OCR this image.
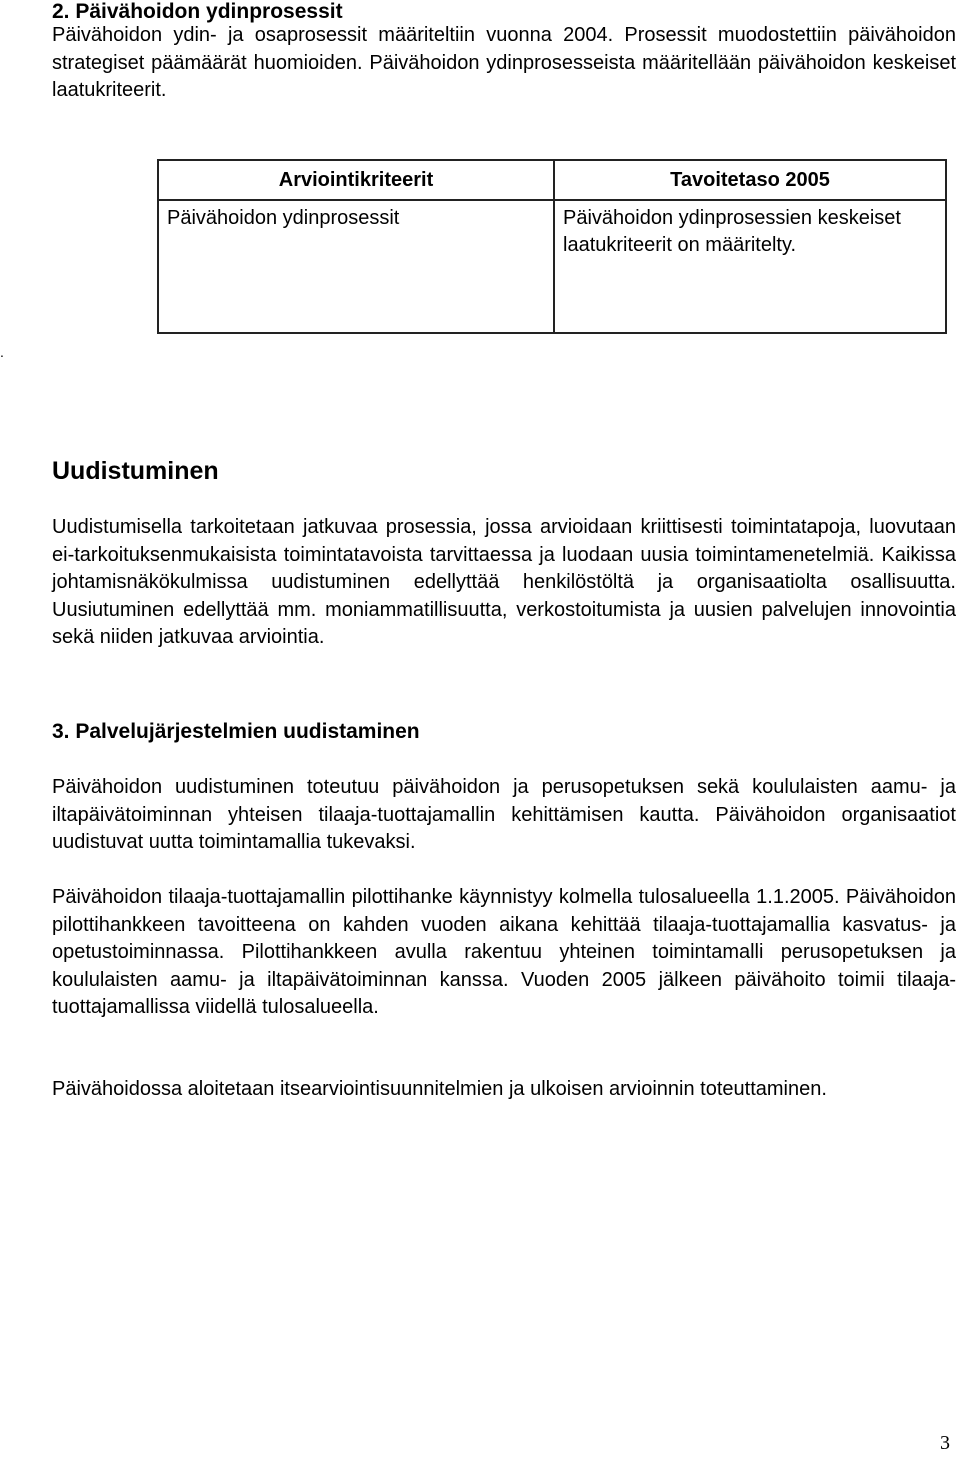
2. Päivähoidon ydinprosessit

Päivähoidon ydin- ja osaprosessit määriteltiin vuonna 2004. Prosessit muodostettiin päivähoidon strategiset päämäärät huomioiden. Päivähoidon ydinprosesseista määritellään päivähoidon keskeiset laatukriteerit.

Arviointikriteerit	Tavoitetaso 2005
Päivähoidon ydinprosessit	Päivähoidon ydinprosessien keskeiset laatukriteerit on määritelty.
.
Uudistuminen

Uudistumisella tarkoitetaan jatkuvaa prosessia, jossa arvioidaan kriittisesti toimintatapoja, luovutaan ei-tarkoituksenmukaisista toimintatavoista tarvittaessa ja luodaan uusia toimintamenetelmiä. Kaikissa johtamisnäkökulmissa uudistuminen edellyttää henkilöstöltä ja organisaatiolta osallisuutta. Uusiutuminen edellyttää mm. moniammatillisuutta, verkostoitumista ja uusien palvelujen innovointia sekä niiden jatkuvaa arviointia.

3. Palvelujärjestelmien uudistaminen

Päivähoidon uudistuminen toteutuu päivähoidon ja perusopetuksen sekä koululaisten aamu- ja iltapäivätoiminnan yhteisen tilaaja-tuottajamallin kehittämisen kautta. Päivähoidon organisaatiot uudistuvat uutta toimintamallia tukevaksi.

Päivähoidon tilaaja-tuottajamallin pilottihanke käynnistyy kolmella tulosalueella 1.1.2005. Päivähoidon pilottihankkeen tavoitteena on kahden vuoden aikana kehittää tilaaja-tuottajamallia kasvatus- ja opetustoiminnassa. Pilottihankkeen avulla rakentuu yhteinen toimintamalli perusopetuksen ja koululaisten aamu- ja iltapäivätoiminnan kanssa. Vuoden 2005 jälkeen päivähoito toimii tilaaja-tuottajamallissa viidellä tulosalueella.

Päivähoidossa aloitetaan itsearviointisuunnitelmien ja ulkoisen arvioinnin toteuttaminen.

3
